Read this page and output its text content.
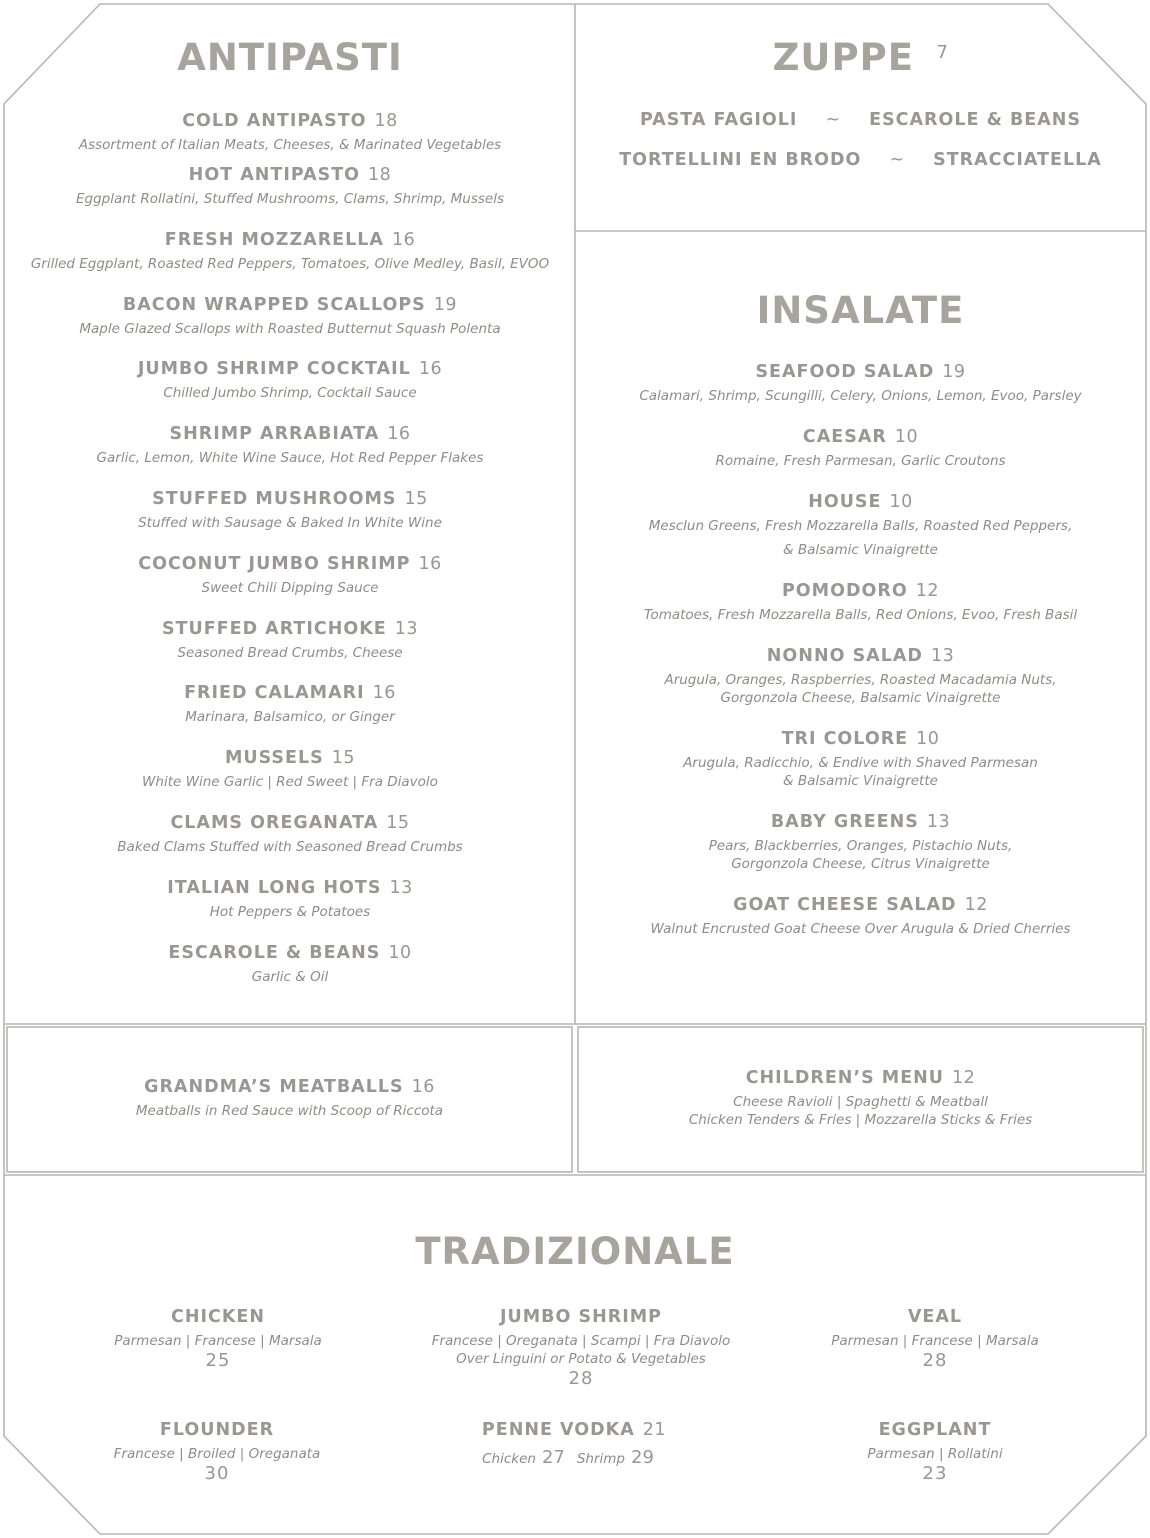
ANTIPASTI
COLD ANTIPASTO 18
Assortment of Italian Meats, Cheeses, & Marinated Vegetables
HOT ANTIPASTO 18
Eggplant Rollatini, Stuffed Mushrooms, Clams, Shrimp, Mussels
FRESH MOZZARELLA 16
Grilled Eggplant, Roasted Red Peppers, Tomatoes, Olive Medley, Basil, EVOO
BACON WRAPPED SCALLOPS 19
Maple Glazed Scallops with Roasted Butternut Squash Polenta
JUMBO SHRIMP COCKTAIL 16
Chilled Jumbo Shrimp, Cocktail Sauce
SHRIMP ARRABIATA 16
Garlic, Lemon, White Wine Sauce, Hot Red Pepper Flakes
STUFFED MUSHROOMS 15
Stuffed with Sausage & Baked In White Wine
COCONUT JUMBO SHRIMP 16
Sweet Chili Dipping Sauce
STUFFED ARTICHOKE 13
Seasoned Bread Crumbs, Cheese
FRIED CALAMARI 16
Marinara, Balsamico, or Ginger
MUSSELS 15
White Wine Garlic | Red Sweet | Fra Diavolo
CLAMS OREGANATA 15
Baked Clams Stuffed with Seasoned Bread Crumbs
ITALIAN LONG HOTS 13
Hot Peppers & Potatoes
ESCAROLE & BEANS 10
Garlic & Oil
ZUPPE 7
PASTA FAGIOLI ~ ESCAROLE & BEANS
TORTELLINI EN BRODO ~ STRACCIATELLA
INSALATE
SEAFOOD SALAD 19
Calamari, Shrimp, Scungilli, Celery, Onions, Lemon, Evoo, Parsley
CAESAR 10
Romaine, Fresh Parmesan, Garlic Croutons
HOUSE 10
Mesclun Greens, Fresh Mozzarella Balls, Roasted Red Peppers,
& Balsamic Vinaigrette
POMODORO 12
Tomatoes, Fresh Mozzarella Balls, Red Onions, Evoo, Fresh Basil
NONNO SALAD 13
Arugula, Oranges, Raspberries, Roasted Macadamia Nuts,
Gorgonzola Cheese, Balsamic Vinaigrette
TRI COLORE 10
Arugula, Radicchio, & Endive with Shaved Parmesan
& Balsamic Vinaigrette
BABY GREENS 13
Pears, Blackberries, Oranges, Pistachio Nuts,
Gorgonzola Cheese, Citrus Vinaigrette
GOAT CHEESE SALAD 12
Walnut Encrusted Goat Cheese Over Arugula & Dried Cherries
GRANDMA’S MEATBALLS 16
Meatballs in Red Sauce with Scoop of Riccota
CHILDREN’S MENU 12
Cheese Ravioli | Spaghetti & Meatball
Chicken Tenders & Fries | Mozzarella Sticks & Fries
TRADIZIONALE
CHICKEN
Parmesan | Francese | Marsala
25
JUMBO SHRIMP
Francese | Oreganata | Scampi | Fra Diavolo
Over Linguini or Potato & Vegetables
28
VEAL
Parmesan | Francese | Marsala
28
FLOUNDER
Francese | Broiled | Oreganata
30
PENNE VODKA 21
Chicken 27 Shrimp 29
EGGPLANT
Parmesan | Rollatini
23
